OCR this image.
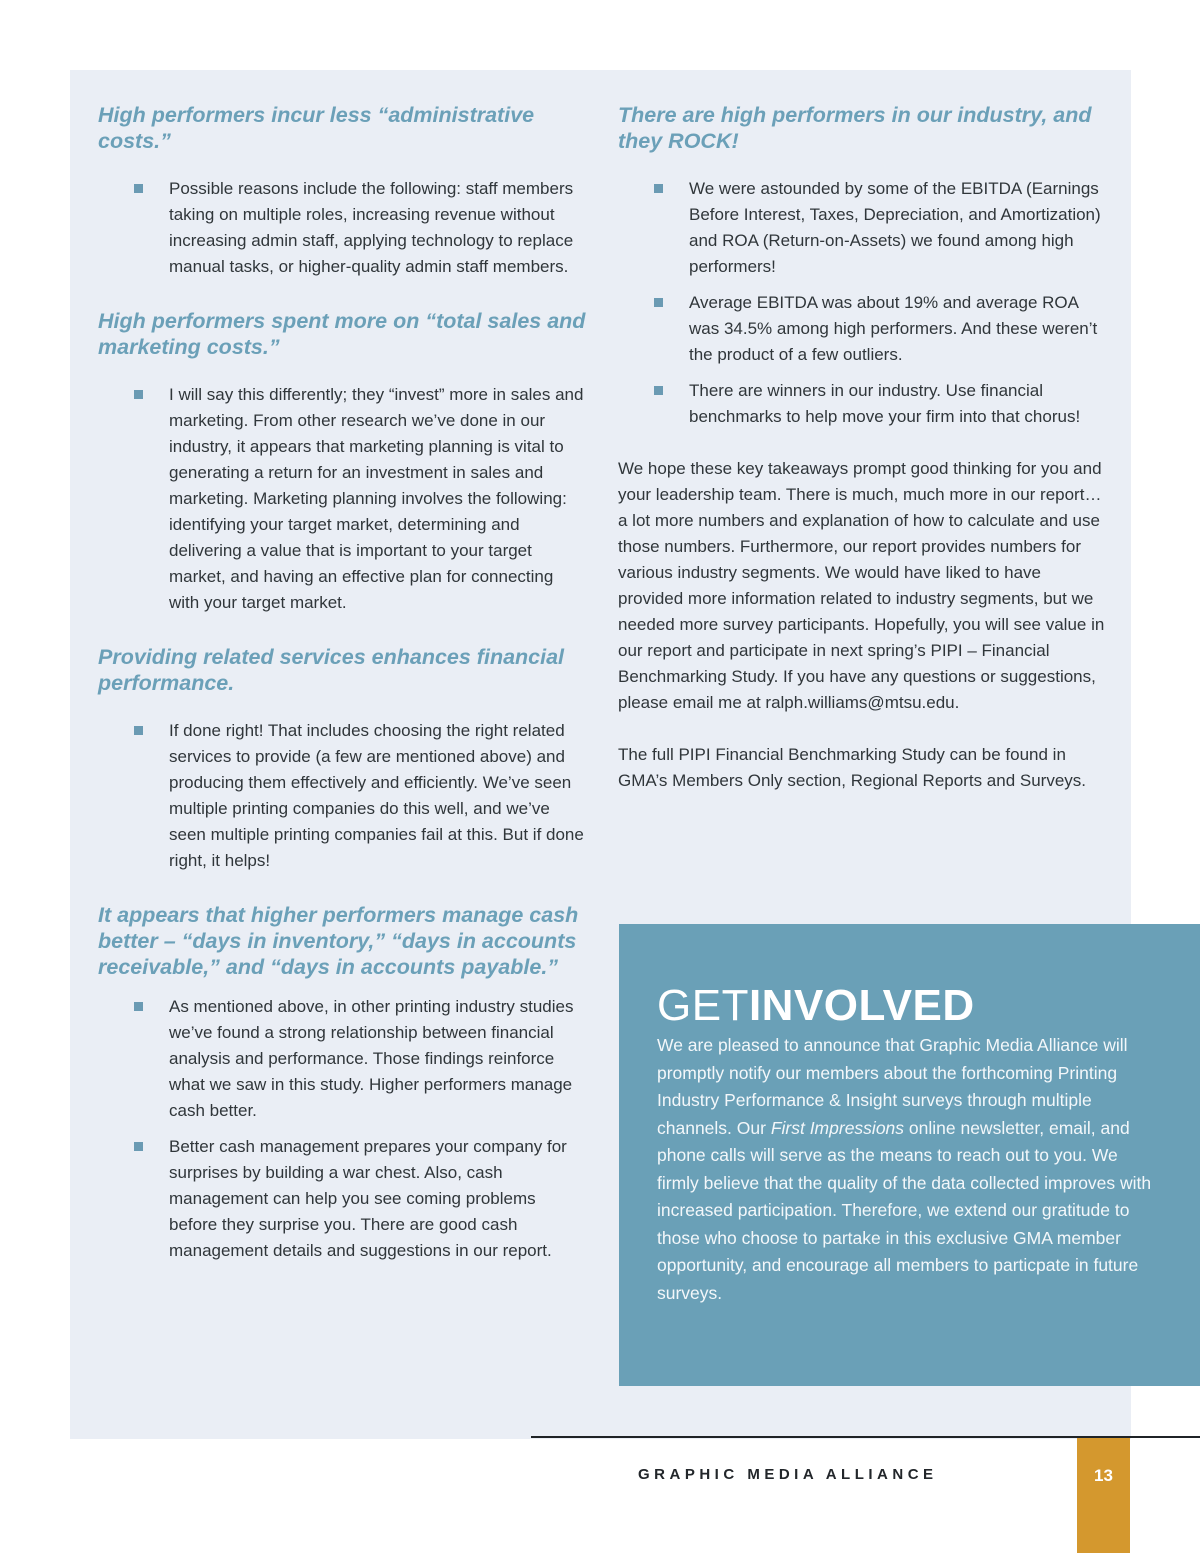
High performers incur less “administrative costs.”
Possible reasons include the following: staff members taking on multiple roles, increasing revenue without increasing admin staff, applying technology to replace manual tasks, or higher-quality admin staff members.
High performers spent more on “total sales and marketing costs.”
I will say this differently; they “invest” more in sales and marketing. From other research we’ve done in our industry, it appears that marketing planning is vital to generating a return for an investment in sales and marketing. Marketing planning involves the following: identifying your target market, determining and delivering a value that is important to your target market, and having an effective plan for connecting with your target market.
Providing related services enhances financial performance.
If done right! That includes choosing the right related services to provide (a few are mentioned above) and producing them effectively and efficiently. We’ve seen multiple printing companies do this well, and we’ve seen multiple printing companies fail at this. But if done right, it helps!
It appears that higher performers manage cash better – “days in inventory,” “days in accounts receivable,” and “days in accounts payable.”
As mentioned above, in other printing industry studies we’ve found a strong relationship between financial analysis and performance. Those findings reinforce what we saw in this study. Higher performers manage cash better.
Better cash management prepares your company for surprises by building a war chest. Also, cash management can help you see coming problems before they surprise you. There are good cash management details and suggestions in our report.
There are high performers in our industry, and they ROCK!
We were astounded by some of the EBITDA (Earnings Before Interest, Taxes, Depreciation, and Amortization) and ROA (Return-on-Assets) we found among high performers!
Average EBITDA was about 19% and average ROA was 34.5% among high performers. And these weren’t the product of a few outliers.
There are winners in our industry. Use financial benchmarks to help move your firm into that chorus!

We hope these key takeaways prompt good thinking for you and your leadership team. There is much, much more in our report… a lot more numbers and explanation of how to calculate and use those numbers. Furthermore, our report provides numbers for various industry segments. We would have liked to have provided more information related to industry segments, but we needed more survey participants. Hopefully, you will see value in our report and participate in next spring’s PIPI – Financial Benchmarking Study. If you have any questions or suggestions, please email me at ralph.williams@mtsu.edu.

The full PIPI Financial Benchmarking Study can be found in GMA’s Members Only section, Regional Reports and Surveys.

GETINVOLVED

We are pleased to announce that Graphic Media Alliance will promptly notify our members about the forthcoming Printing Industry Performance & Insight surveys through multiple channels. Our First Impressions online newsletter, email, and phone calls will serve as the means to reach out to you. We firmly believe that the quality of the data collected improves with increased participation. Therefore, we extend our gratitude to those who choose to partake in this exclusive GMA member opportunity, and encourage all members to particpate in future surveys.

GRAPHIC MEDIA ALLIANCE	13
